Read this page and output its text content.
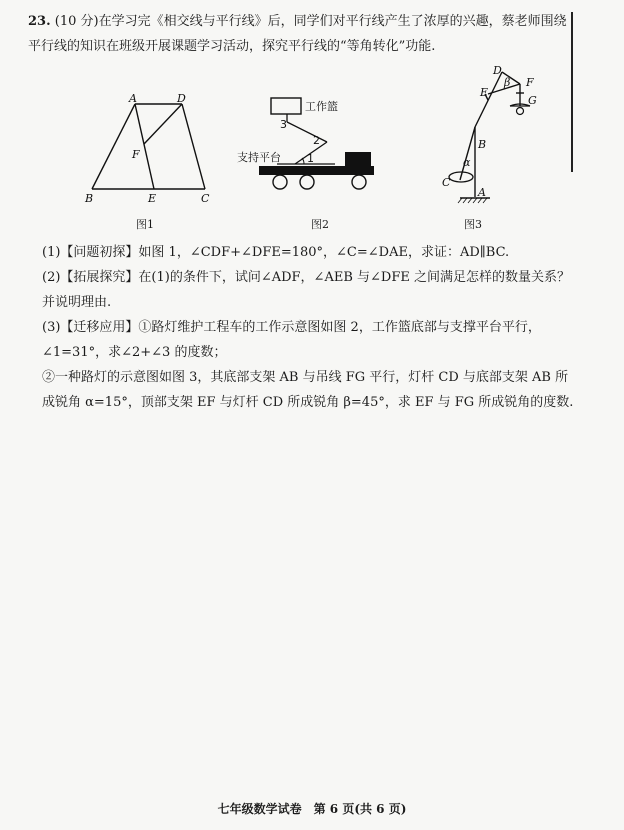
23. (10 分)在学习完《相交线与平行线》后，同学们对平行线产生了浓厚的兴趣，蔡老师围绕平行线的知识在班级开展课题学习活动，探究平行线的“等角转化”功能.
A	D
F
B	E	C
图1
工作篮
支持平台 1
2
3
图2
D
β F
E
G
B
α
C
A
图3

(1)【问题初探】如图 1，∠CDF+∠DFE=180°，∠C=∠DAE，求证：AD∥BC.

(2)【拓展探究】在(1)的条件下，试问∠ADF，∠AEB 与∠DFE 之间满足怎样的数量关系？并说明理由.

(3)【迁移应用】①路灯维护工程车的工作示意图如图 2，工作篮底部与支撑平台平行，∠1=31°，求∠2+∠3 的度数；

②一种路灯的示意图如图 3，其底部支架 AB 与吊线 FG 平行，灯杆 CD 与底部支架 AB 所成锐角 α=15°，顶部支架 EF 与灯杆 CD 所成锐角 β=45°，求 EF 与 FG 所成锐角的度数.

七年级数学试卷　第 6 页(共 6 页)
